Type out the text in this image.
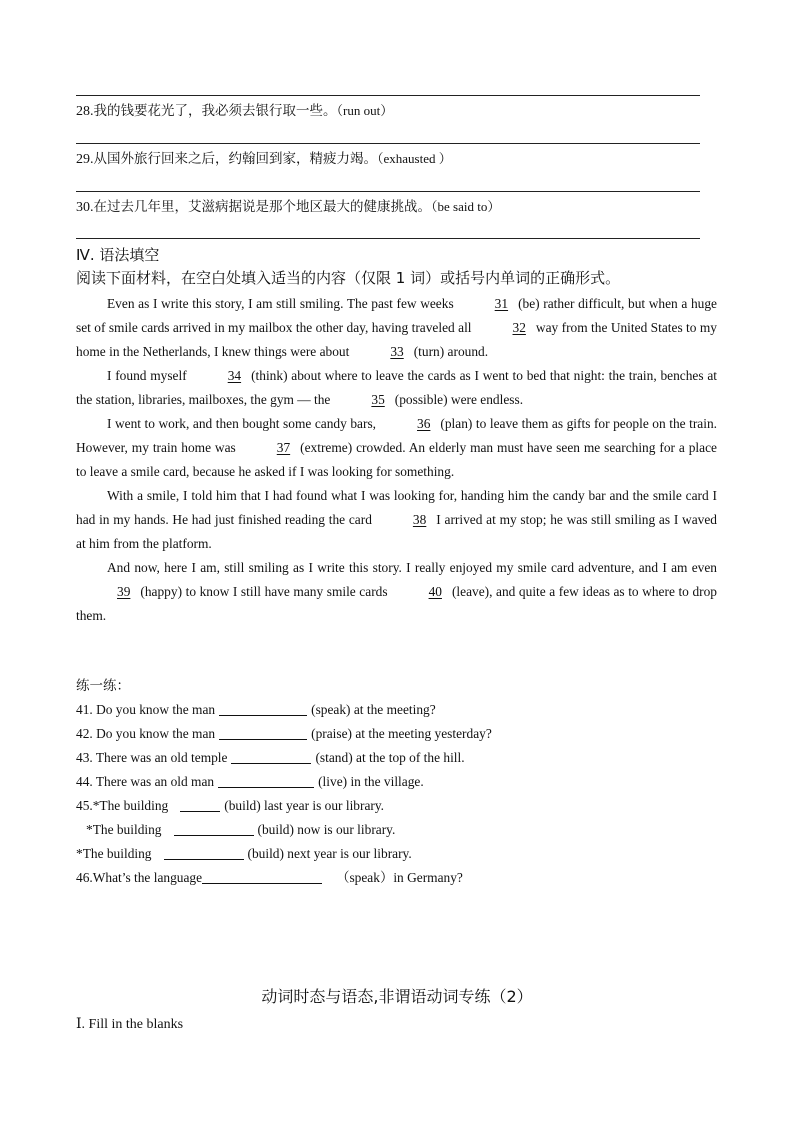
28.我的钱要花光了，我必须去银行取一些。（run out）
29.从国外旅行回来之后，约翰回到家，精疲力竭。（exhausted ）
30.在过去几年里，艾滋病据说是那个地区最大的健康挑战。（be said to）
Ⅳ. 语法填空
阅读下面材料，在空白处填入适当的内容（仅限 1 词）或括号内单词的正确形式。

Even as I write this story, I am still smiling. The past few weeks	31 (be) rather difficult, but when a huge set of smile cards arrived in my mailbox the other day, having traveled all	32 way from the United States to my home in the Netherlands, I knew things were about	33 (turn) around.

I found myself	34 (think) about where to leave the cards as I went to bed that night: the train, benches at the station, libraries, mailboxes, the gym — the	35 (possible) were endless.

I went to work, and then bought some candy bars,	36 (plan) to leave them as gifts for people on the train. However, my train home was	37 (extreme) crowded. An elderly man must have seen me searching for a place to leave a smile card, because he asked if I was looking for something.

With a smile, I told him that I had found what I was looking for, handing him the candy bar and the smile card I had in my hands. He had just finished reading the card	38 I arrived at my stop; he was still smiling as I waved at him from the platform.

And now, here I am, still smiling as I write this story. I really enjoyed my smile card adventure, and I am even39 (happy) to know I still have many smile cards	40 (leave), and quite a few ideas as to where to drop them.

练一练：
41. Do you know the man	(speak) at the meeting?
42. Do you know the man	(praise) at the meeting yesterday?
43. There was an old temple	(stand) at the top of the hill.
44. There was an old man	(live) in the village.
45.*The building	(build) last year is our library.
*The building	(build) now is our library.
*The building	(build) next year is our library.
46.What’s the language	（speak）in Germany?
动词时态与语态,非谓语动词专练（2）
Ⅰ. Fill in the blanks
